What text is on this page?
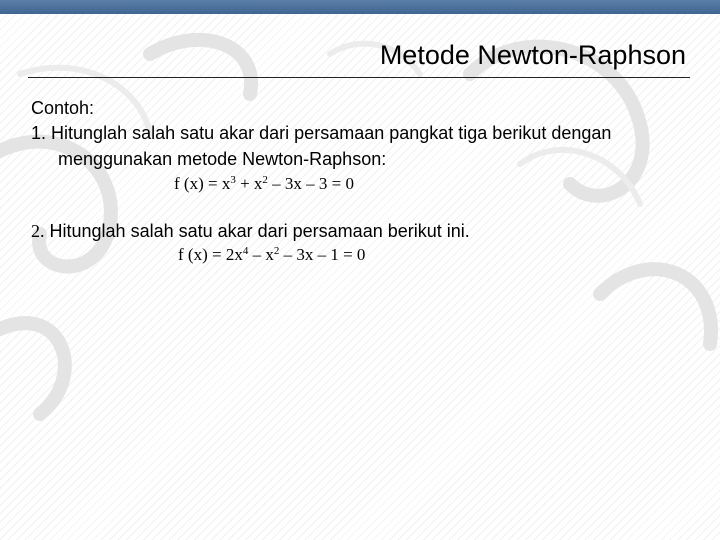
Metode Newton-Raphson
Contoh:
1. Hitunglah salah satu akar dari persamaan pangkat tiga berikut dengan
menggunakan metode Newton-Raphson:
f $(x) = x^3 + x^2 - 3x - 3 = 0$
2. Hitunglah salah satu akar dari persamaan berikut ini.
f $(x) = 2x^4 - x^2 - 3x - 1 = 0$
